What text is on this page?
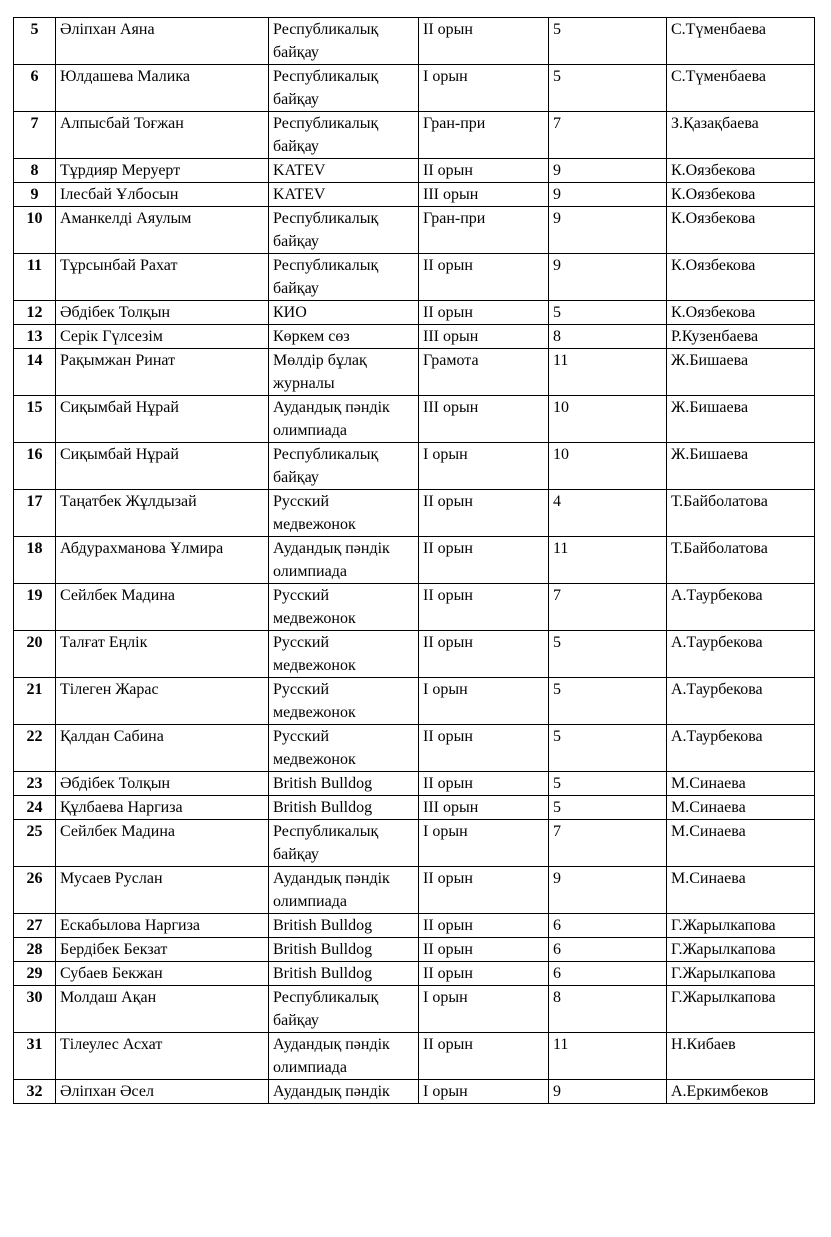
5	Әліпхан Аяна	Республикалық байқау	ІІ орын	5	С.Түменбаева
6	Юлдашева Малика	Республикалық байқау	І орын	5	С.Түменбаева
7	Алпысбай Тоғжан	Республикалық байқау	Гран-при	7	З.Қазақбаева
8	Тұрдияр Меруерт	KATEV	ІІ орын	9	К.Оязбекова
9	Ілесбай Ұлбосын	KATEV	ІІІ орын	9	К.Оязбекова
10	Аманкелді Аяулым	Республикалық байқау	Гран-при	9	К.Оязбекова
11	Тұрсынбай Рахат	Республикалық байқау	ІІ орын	9	К.Оязбекова
12	Әбдібек Толқын	КИО	ІІ орын	5	К.Оязбекова
13	Серік Гүлсезім	Көркем сөз	ІІІ орын	8	Р.Кузенбаева
14	Рақымжан Ринат	Мөлдір бұлақ журналы	Грамота	11	Ж.Бишаева
15	Сиқымбай Нұрай	Аудандық пәндік олимпиада	ІІІ орын	10	Ж.Бишаева
16	Сиқымбай Нұрай	Республикалық байқау	І орын	10	Ж.Бишаева
17	Таңатбек Жұлдызай	Русский медвежонок	ІІ орын	4	Т.Байболатова
18	Абдурахманова Ұлмира	Аудандық пәндік олимпиада	ІІ орын	11	Т.Байболатова
19	Сейлбек Мадина	Русский медвежонок	ІІ орын	7	А.Таурбекова
20	Талғат Еңлік	Русский медвежонок	ІІ орын	5	А.Таурбекова
21	Тілеген Жарас	Русский медвежонок	І орын	5	А.Таурбекова
22	Қалдан Сабина	Русский медвежонок	ІІ орын	5	А.Таурбекова
23	Әбдібек Толқын	British Bulldog	ІІ орын	5	М.Синаева
24	Құлбаева Наргиза	British Bulldog	ІІІ орын	5	М.Синаева
25	Сейлбек Мадина	Республикалық байқау	І орын	7	М.Синаева
26	Мусаев Руслан	Аудандық пәндік олимпиада	ІІ орын	9	М.Синаева
27	Ескабылова Наргиза	British Bulldog	ІІ орын	6	Г.Жарылкапова
28	Бердібек Бекзат	British Bulldog	ІІ орын	6	Г.Жарылкапова
29	Субаев Бекжан	British Bulldog	ІІ орын	6	Г.Жарылкапова
30	Молдаш Ақан	Республикалық байқау	І орын	8	Г.Жарылкапова
31	Тілеулес Асхат	Аудандық пәндік олимпиада	ІІ орын	11	Н.Кибаев
32	Әліпхан Әсел	Аудандық пәндік	І орын	9	А.Еркимбеков
